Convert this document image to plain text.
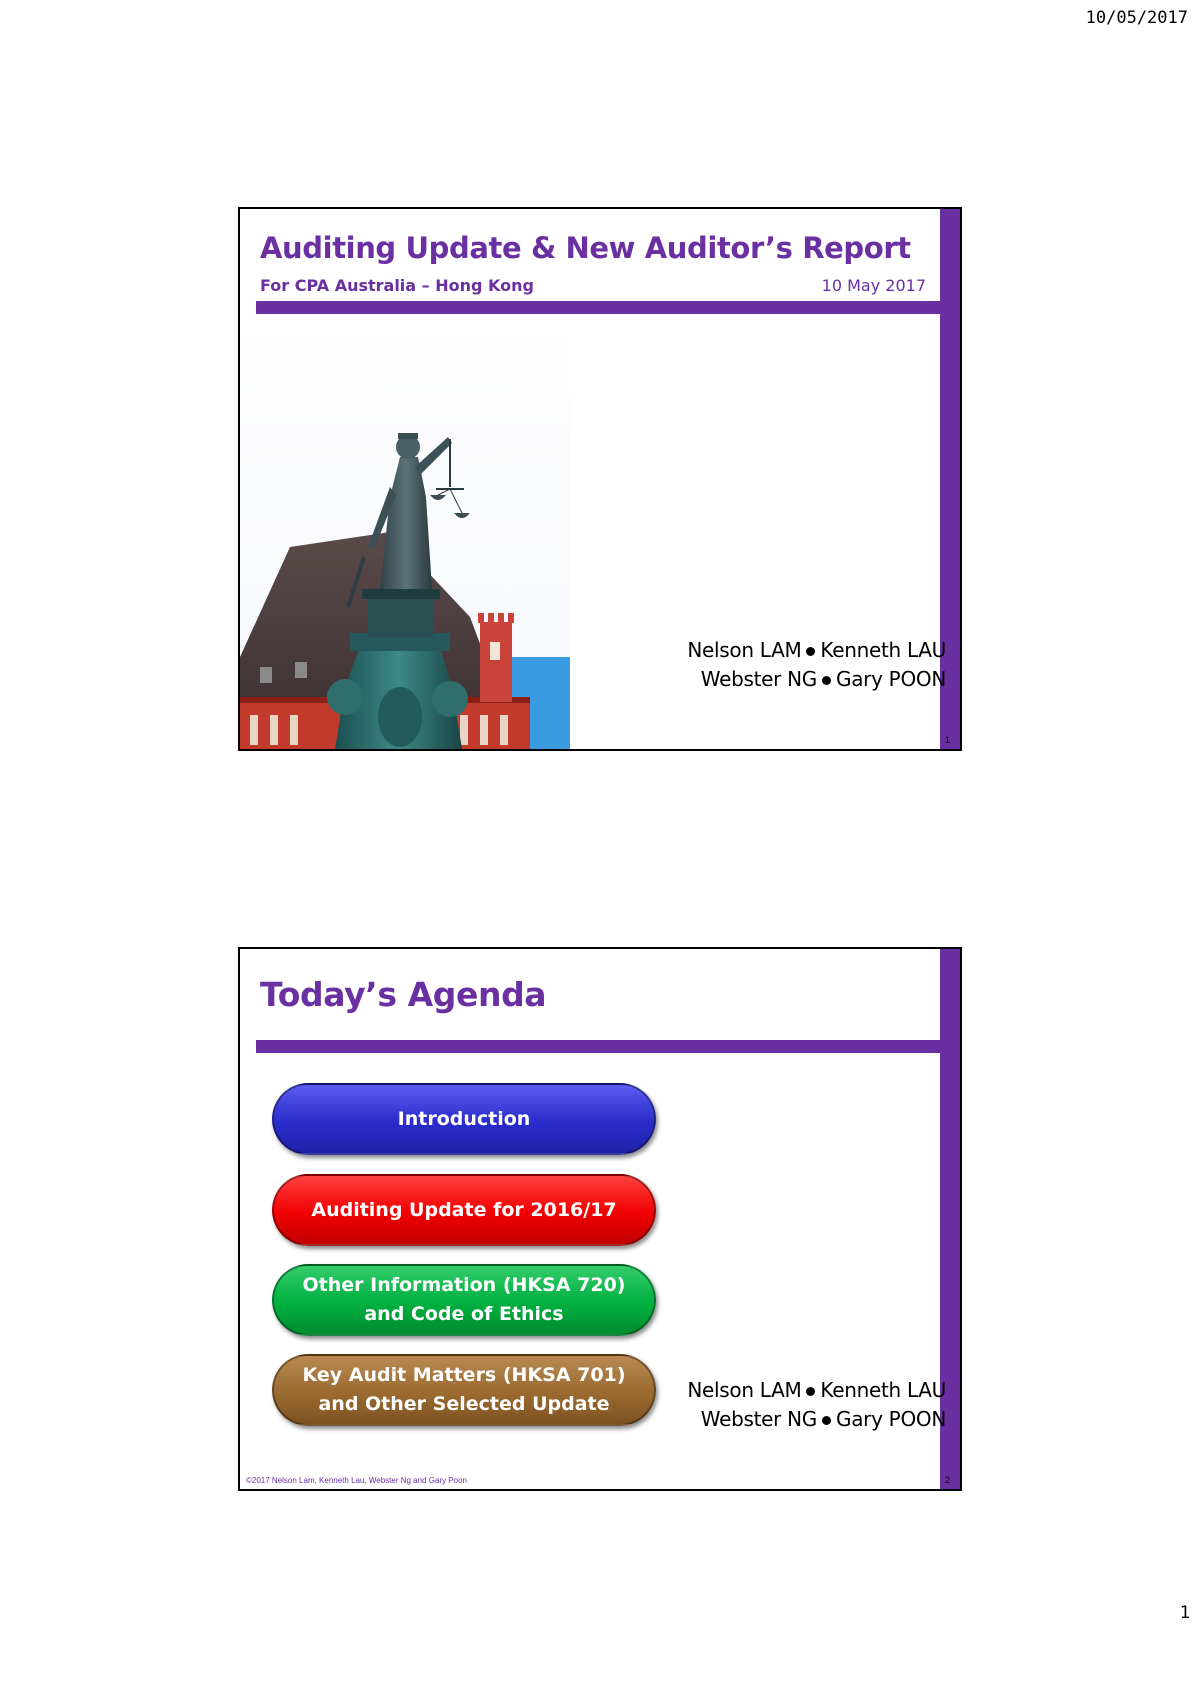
10/05/2017
Auditing Update & New Auditor’s Report
For CPA Australia – Hong Kong	10 May 2017
Nelson LAM Kenneth LAU
Webster NG Gary POON
1
Today’s Agenda
Introduction
Auditing Update for 2016/17
Other Information (HKSA 720)
and Code of Ethics
Key Audit Matters (HKSA 701)
and Other Selected Update
Nelson LAM Kenneth LAU
Webster NG Gary POON
©2017 Nelson Lam, Kenneth Lau, Webster Ng and Gary Poon	2
1
